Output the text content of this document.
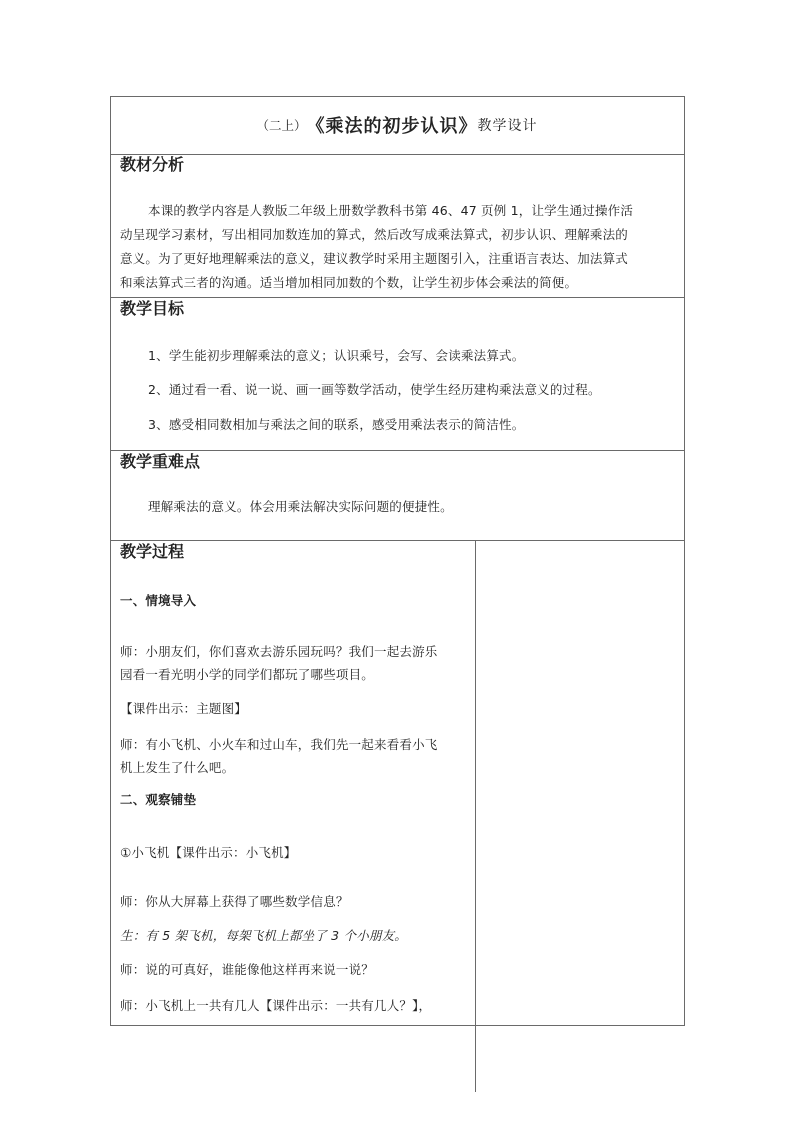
（二上） 《乘法的初步认识》 教学设计
教材分析
本课的教学内容是人教版二年级上册数学教科书第 46、47 页例 1，让学生通过操作活
动呈现学习素材，写出相同加数连加的算式，然后改写成乘法算式，初步认识、理解乘法的
意义。为了更好地理解乘法的意义，建议教学时采用主题图引入，注重语言表达、加法算式
和乘法算式三者的沟通。适当增加相同加数的个数，让学生初步体会乘法的简便。
教学目标
1、学生能初步理解乘法的意义；认识乘号，会写、会读乘法算式。
2、通过看一看、说一说、画一画等数学活动，使学生经历建构乘法意义的过程。
3、感受相同数相加与乘法之间的联系，感受用乘法表示的简洁性。
教学重难点
理解乘法的意义。体会用乘法解决实际问题的便捷性。
教学过程
一、情境导入
师：小朋友们，你们喜欢去游乐园玩吗？我们一起去游乐
园看一看光明小学的同学们都玩了哪些项目。
【课件出示：主题图】
师：有小飞机、小火车和过山车，我们先一起来看看小飞
机上发生了什么吧。
二、观察铺垫
①小飞机【课件出示：小飞机】
师：你从大屏幕上获得了哪些数学信息？
生：有 5 架飞机，每架飞机上都坐了 3 个小朋友。
师：说的可真好，谁能像他这样再来说一说？
师：小飞机上一共有几人【课件出示：一共有几人？】，
